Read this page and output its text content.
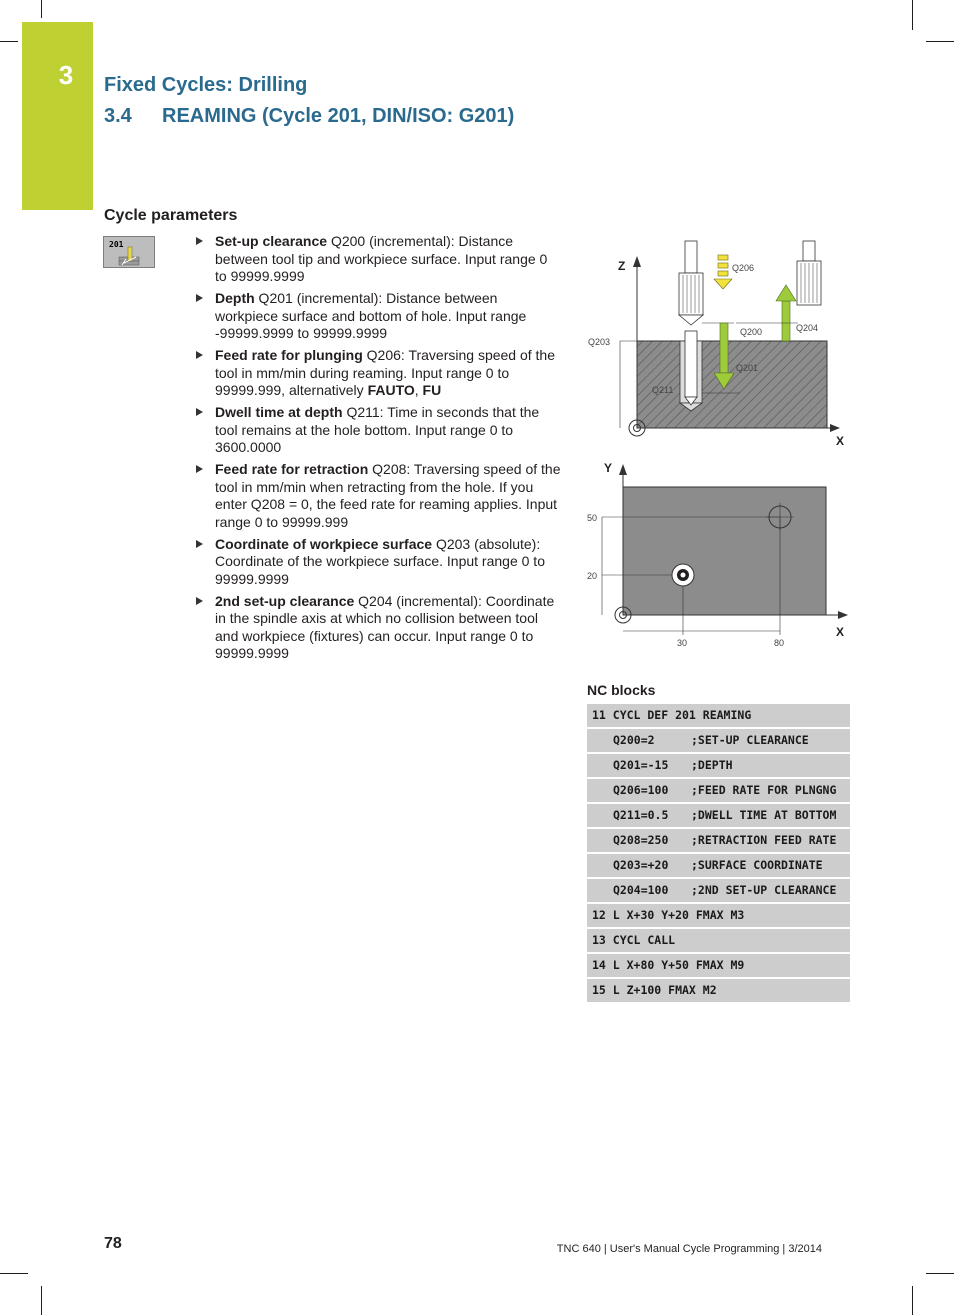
3	Fixed Cycles: Drilling
3.4 REAMING (Cycle 201, DIN/ISO: G201)
Cycle parameters
201	Set-up clearance Q200 (incremental): Distance between tool tip and workpiece surface. Input range 0 to 99999.9999
Depth Q201 (incremental): Distance between workpiece surface and bottom of hole. Input range -99999.9999 to 99999.9999
Feed rate for plunging Q206: Traversing speed of the tool in mm/min during reaming. Input range 0 to 99999.999, alternatively FAUTO, FU
Dwell time at depth Q211: Time in seconds that the tool remains at the hole bottom. Input range 0 to 3600.0000
Feed rate for retraction Q208: Traversing speed of the tool in mm/min when retracting from the hole. If you enter Q208 = 0, the feed rate for reaming applies. Input range 0 to 99999.999
Coordinate of workpiece surface Q203 (absolute): Coordinate of the workpiece surface. Input range 0 to 99999.9999
2nd set-up clearance Q204 (incremental): Coordinate in the spindle axis at which no collision between tool and workpiece (fixtures) can occur. Input range 0 to 99999.9999
Z
X
Q203
Q211
Q206
Q200
Q201
Q204
Y
X
50
20
30	80
NC blocks
11 CYCL DEF 201 REAMING	
Q200=2	;SET-UP CLEARANCE
Q201=-15	;DEPTH
Q206=100	;FEED RATE FOR PLNGNG
Q211=0.5	;DWELL TIME AT BOTTOM
Q208=250	;RETRACTION FEED RATE
Q203=+20	;SURFACE COORDINATE
Q204=100	;2ND SET-UP CLEARANCE
12 L X+30 Y+20 FMAX M3	
13 CYCL CALL	
14 L X+80 Y+50 FMAX M9	
15 L Z+100 FMAX M2	
78	TNC 640 | User's Manual Cycle Programming | 3/2014
